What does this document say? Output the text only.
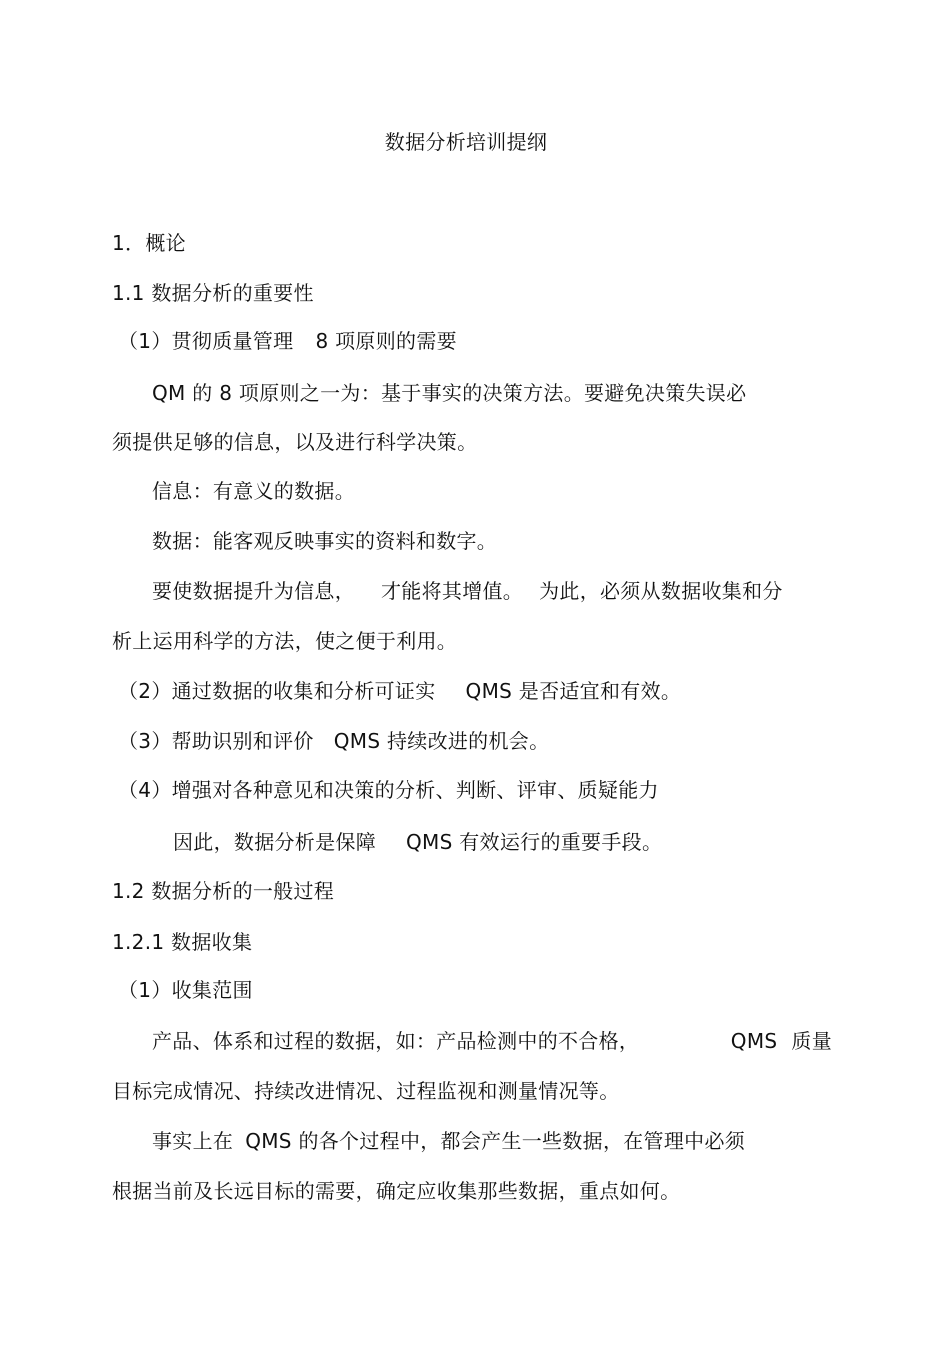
数据分析培训提纲
1．概论
1.1 数据分析的重要性
（1）贯彻质量管理 8 项原则的需要
QM 的 8 项原则之一为：基于事实的决策方法。要避免决策失误必
须提供足够的信息，以及进行科学决策。
信息：有意义的数据。
数据：能客观反映事实的资料和数字。
要使数据提升为信息， 才能将其增值。 为此，必须从数据收集和分
析上运用科学的方法，使之便于利用。
（2）通过数据的收集和分析可证实 QMS 是否适宜和有效。
（3）帮助识别和评价 QMS 持续改进的机会。
（4）增强对各种意见和决策的分析、判断、评审、质疑能力
因此，数据分析是保障 QMS 有效运行的重要手段。
1.2 数据分析的一般过程
1.2.1 数据收集
（1）收集范围
产品、体系和过程的数据，如：产品检测中的不合格，	QMS 质量
目标完成情况、持续改进情况、过程监视和测量情况等。
事实上在 QMS 的各个过程中，都会产生一些数据，在管理中必须
根据当前及长远目标的需要，确定应收集那些数据，重点如何。
